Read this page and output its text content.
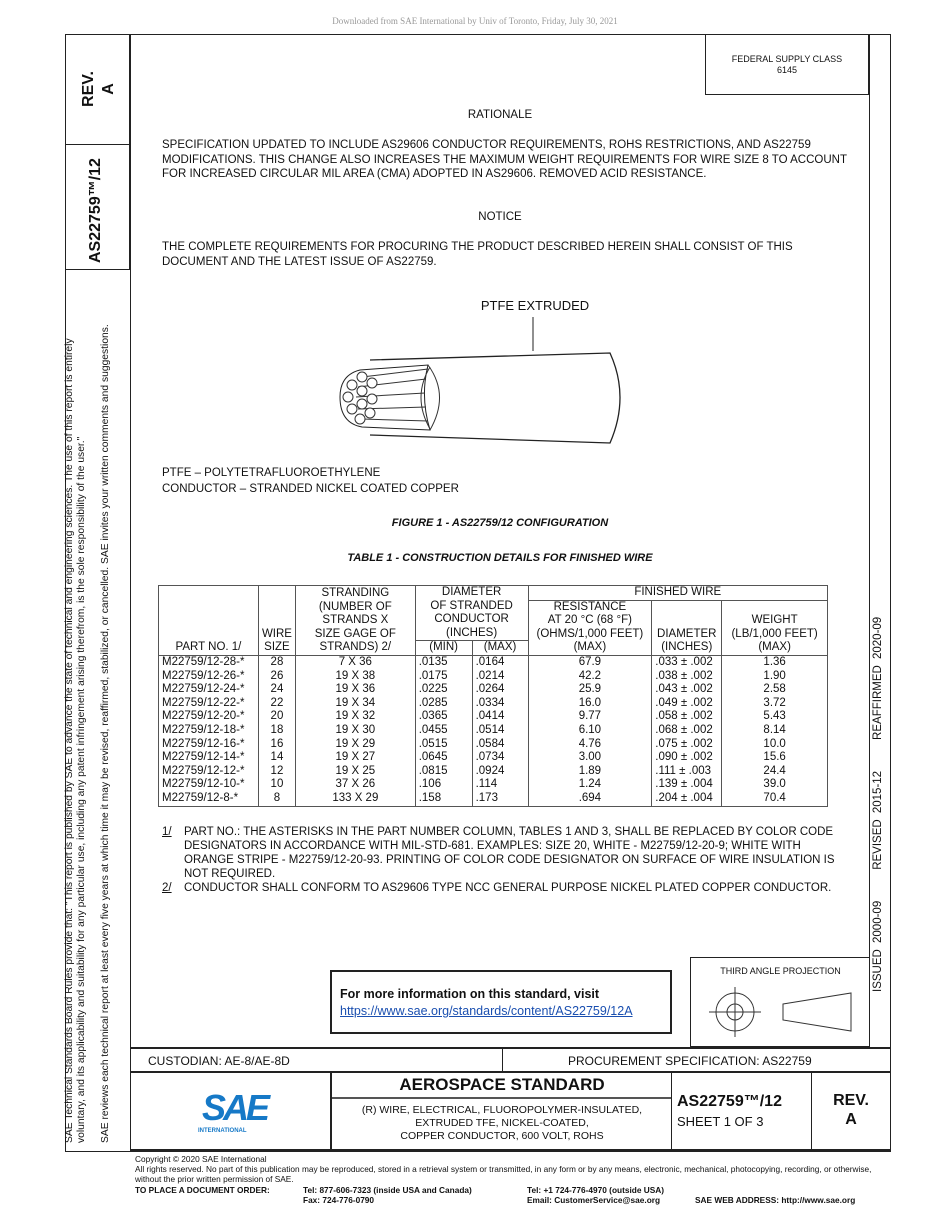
Downloaded from SAE International by Univ of Toronto, Friday, July 30, 2021
REV. A
AS22759™/12
SAE Technical Standards Board Rules provide that: "This report is published by SAE to advance the state of technical and engineering sciences. The use of this report is entirely voluntary, and its applicability and suitability for any particular use, including any patent infringement arising therefrom, is the sole responsibility of the user." SAE reviews each technical report at least every five years at which time it may be revised, reaffirmed, stabilized, or cancelled. SAE invites your written comments and suggestions.	ISSUED 2000-09     REVISED 2015-12     REAFFIRMED 2020-09
FEDERAL SUPPLY CLASS
6145

RATIONALE

SPECIFICATION UPDATED TO INCLUDE AS29606 CONDUCTOR REQUIREMENTS, ROHS RESTRICTIONS, AND AS22759 MODIFICATIONS. THIS CHANGE ALSO INCREASES THE MAXIMUM WEIGHT REQUIREMENTS FOR WIRE SIZE 8 TO ACCOUNT FOR INCREASED CIRCULAR MIL AREA (CMA) ADOPTED IN AS29606. REMOVED ACID RESISTANCE.

NOTICE

THE COMPLETE REQUIREMENTS FOR PROCURING THE PRODUCT DESCRIBED HEREIN SHALL CONSIST OF THIS DOCUMENT AND THE LATEST ISSUE OF AS22759.

PTFE EXTRUDED

PTFE – POLYTETRAFLUOROETHYLENE

CONDUCTOR – STRANDED NICKEL COATED COPPER

FIGURE 1 - AS22759/12 CONFIGURATION

TABLE 1 - CONSTRUCTION DETAILS FOR FINISHED WIRE

PART NO. 1/	WIRE
SIZE	STRANDING
(NUMBER OF
STRANDS X
SIZE GAGE OF
STRANDS) 2/	DIAMETER
OF STRANDED
CONDUCTOR
(INCHES)		FINISHED WIRE		
					RESISTANCE
AT 20 °C (68 °F)
(OHMS/1,000 FEET)
(MAX)	DIAMETER
(INCHES)	WEIGHT
(LB/1,000 FEET)
(MAX)
			(MIN)	(MAX)			
M22759/12-28-*	28	7 X 36	.0135	.0164	67.9	.033 ± .002	1.36
M22759/12-26-*	26	19 X 38	.0175	.0214	42.2	.038 ± .002	1.90
M22759/12-24-*	24	19 X 36	.0225	.0264	25.9	.043 ± .002	2.58
M22759/12-22-*	22	19 X 34	.0285	.0334	16.0	.049 ± .002	3.72
M22759/12-20-*	20	19 X 32	.0365	.0414	9.77	.058 ± .002	5.43
M22759/12-18-*	18	19 X 30	.0455	.0514	6.10	.068 ± .002	8.14
M22759/12-16-*	16	19 X 29	.0515	.0584	4.76	.075 ± .002	10.0
M22759/12-14-*	14	19 X 27	.0645	.0734	3.00	.090 ± .002	15.6
M22759/12-12-*	12	19 X 25	.0815	.0924	1.89	.111 ± .003	24.4
M22759/12-10-*	10	37 X 26	.106	.114	1.24	.139 ± .004	39.0
M22759/12-8-*	8	133 X 29	.158	.173	.694	.204 ± .004	70.4
1/	PART NO.: THE ASTERISKS IN THE PART NUMBER COLUMN, TABLES 1 AND 3, SHALL BE REPLACED BY COLOR CODE DESIGNATORS IN ACCORDANCE WITH MIL-STD-681. EXAMPLES: SIZE 20, WHITE - M22759/12-20-9; WHITE WITH ORANGE STRIPE - M22759/12-20-93. PRINTING OF COLOR CODE DESIGNATOR ON SURFACE OF WIRE INSULATION IS NOT REQUIRED.
2/	CONDUCTOR SHALL CONFORM TO AS29606 TYPE NCC GENERAL PURPOSE NICKEL PLATED COPPER CONDUCTOR.
For more information on this standard, visit
https://www.sae.org/standards/content/AS22759/12A
THIRD ANGLE PROJECTION
CUSTODIAN: AE-8/AE-8D	PROCUREMENT SPECIFICATION: AS22759
SAE
INTERNATIONAL
AEROSPACE STANDARD
(R) WIRE, ELECTRICAL, FLUOROPOLYMER-INSULATED,
EXTRUDED TFE, NICKEL-COATED,
COPPER CONDUCTOR, 600 VOLT, ROHS
AS22759™/12
SHEET 1 OF 3
REV.
A
Copyright © 2020 SAE International
All rights reserved. No part of this publication may be reproduced, stored in a retrieval system or transmitted, in any form or by any means, electronic, mechanical, photocopying, recording, or otherwise, without the prior written permission of SAE.
TO PLACE A DOCUMENT ORDER:	Tel: 877-606-7323 (inside USA and Canada)
Fax: 724-776-0790
Tel: +1 724-776-4970 (outside USA)
Email: CustomerService@sae.org	SAE WEB ADDRESS: http://www.sae.org
